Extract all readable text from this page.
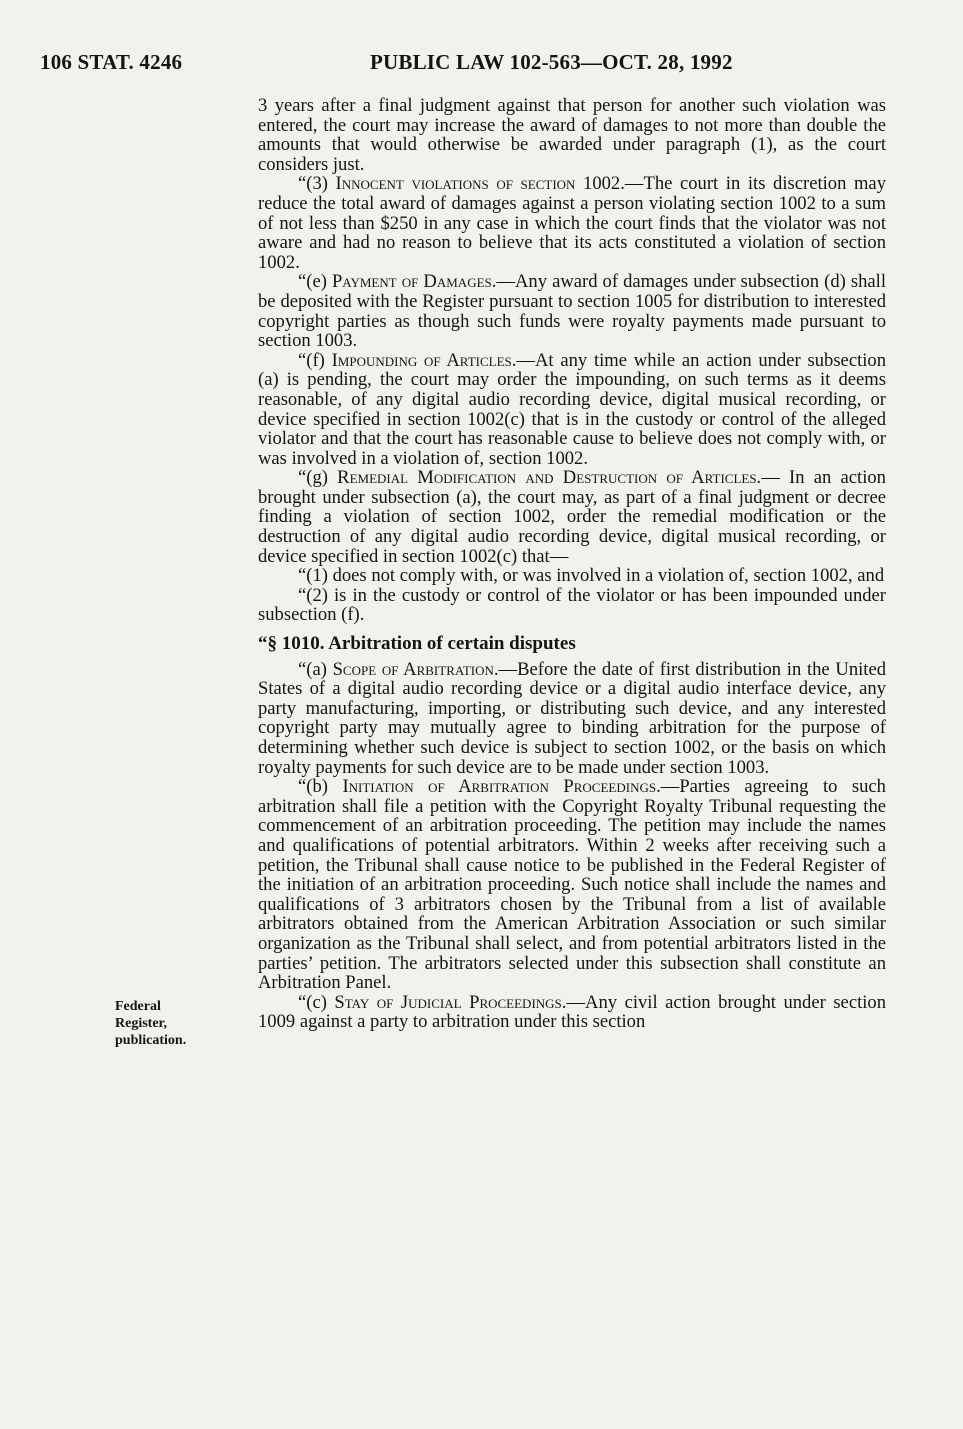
106 STAT. 4246	PUBLIC LAW 102-563—OCT. 28, 1992
Federal
Register,
publication.

3 years after a final judgment against that person for another such violation was entered, the court may increase the award of damages to not more than double the amounts that would otherwise be awarded under paragraph (1), as the court considers just.

“(3) Innocent violations of section 1002.—The court in its discretion may reduce the total award of damages against a person violating section 1002 to a sum of not less than $250 in any case in which the court finds that the violator was not aware and had no reason to believe that its acts constituted a violation of section 1002.

“(e) Payment of Damages.—Any award of damages under subsection (d) shall be deposited with the Register pursuant to section 1005 for distribution to interested copyright parties as though such funds were royalty payments made pursuant to section 1003.

“(f) Impounding of Articles.—At any time while an action under subsection (a) is pending, the court may order the impounding, on such terms as it deems reasonable, of any digital audio recording device, digital musical recording, or device specified in section 1002(c) that is in the custody or control of the alleged violator and that the court has reasonable cause to believe does not comply with, or was involved in a violation of, section 1002.

“(g) Remedial Modification and Destruction of Articles.— In an action brought under subsection (a), the court may, as part of a final judgment or decree finding a violation of section 1002, order the remedial modification or the destruction of any digital audio recording device, digital musical recording, or device specified in section 1002(c) that—

“(1) does not comply with, or was involved in a violation of, section 1002, and

“(2) is in the custody or control of the violator or has been impounded under subsection (f).

“§ 1010. Arbitration of certain disputes

“(a) Scope of Arbitration.—Before the date of first distribution in the United States of a digital audio recording device or a digital audio interface device, any party manufacturing, importing, or distributing such device, and any interested copyright party may mutually agree to binding arbitration for the purpose of determining whether such device is subject to section 1002, or the basis on which royalty payments for such device are to be made under section 1003.

“(b) Initiation of Arbitration Proceedings.—Parties agreeing to such arbitration shall file a petition with the Copyright Royalty Tribunal requesting the commencement of an arbitration proceeding. The petition may include the names and qualifications of potential arbitrators. Within 2 weeks after receiving such a petition, the Tribunal shall cause notice to be published in the Federal Register of the initiation of an arbitration proceeding. Such notice shall include the names and qualifications of 3 arbitrators chosen by the Tribunal from a list of available arbitrators obtained from the American Arbitration Association or such similar organization as the Tribunal shall select, and from potential arbitrators listed in the parties’ petition. The arbitrators selected under this subsection shall constitute an Arbitration Panel.

“(c) Stay of Judicial Proceedings.—Any civil action brought under section 1009 against a party to arbitration under this section
